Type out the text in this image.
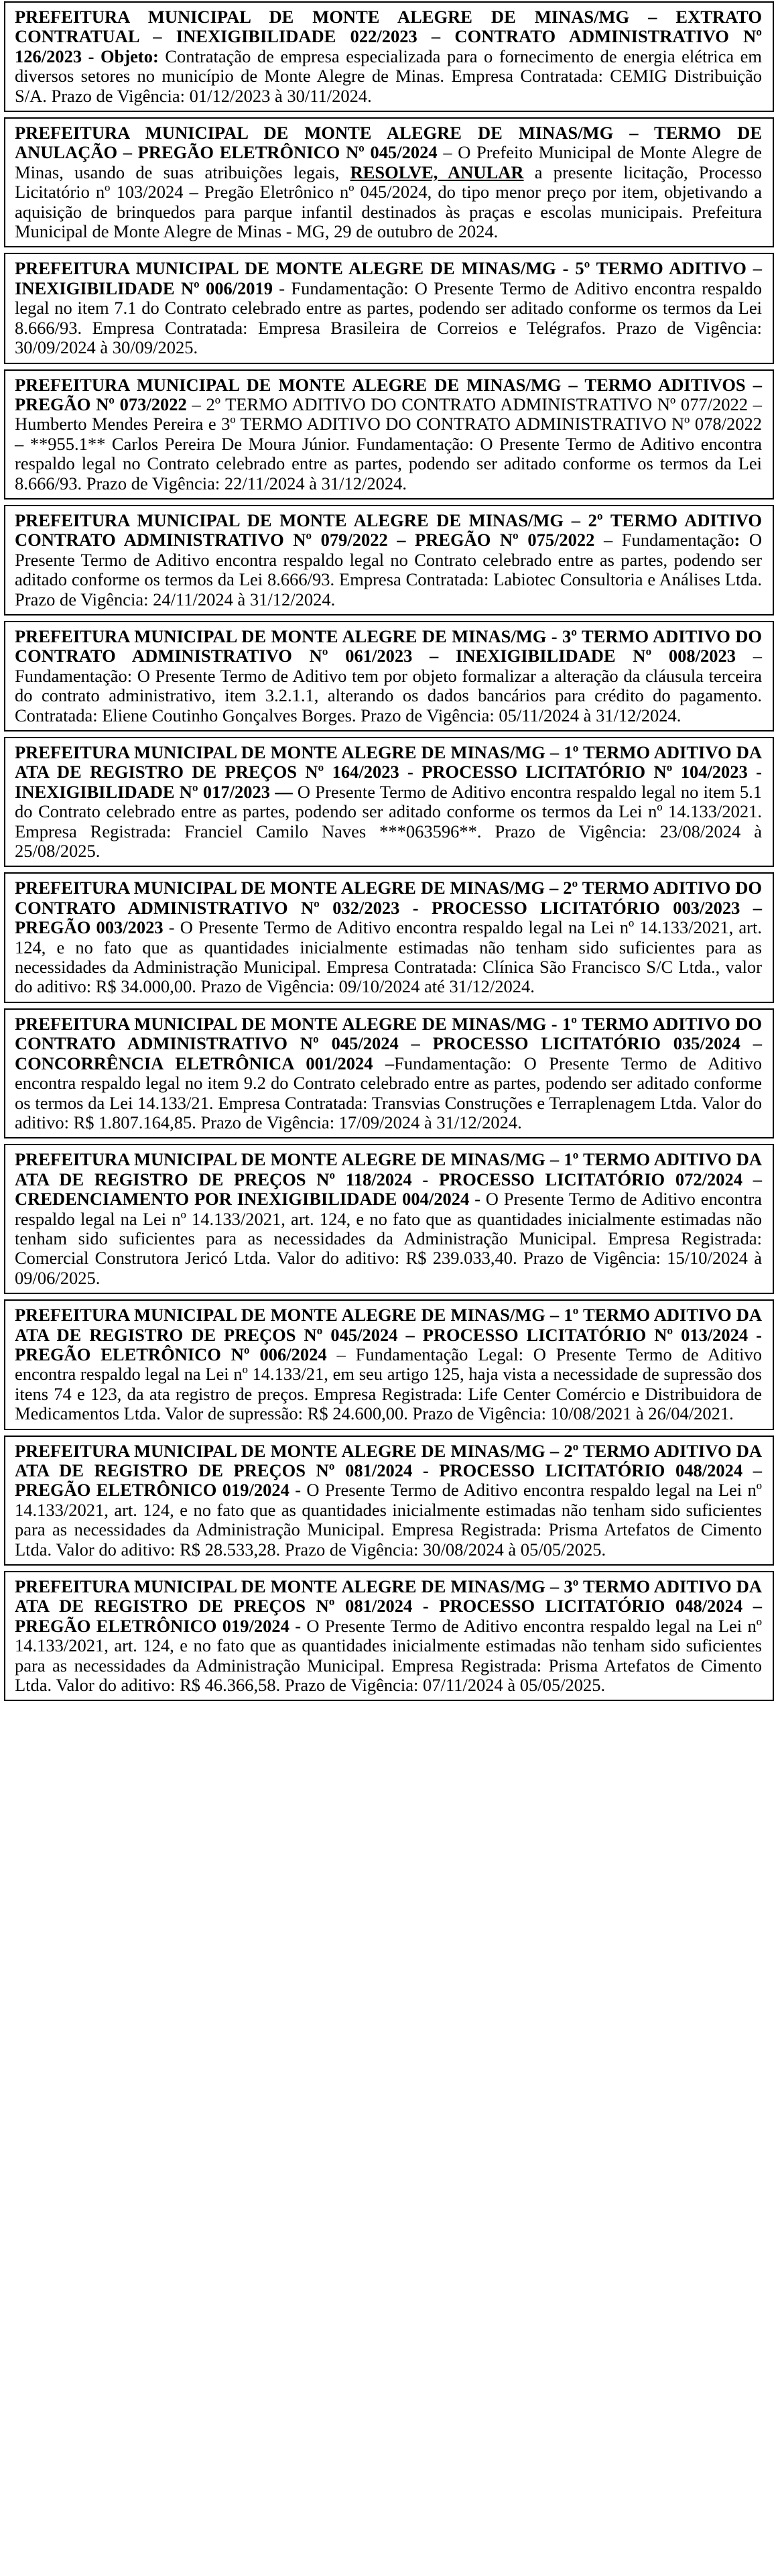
PREFEITURA MUNICIPAL DE MONTE ALEGRE DE MINAS/MG – EXTRATO CONTRATUAL – INEXIGIBILIDADE 022/2023 – CONTRATO ADMINISTRATIVO Nº 126/2023 - Objeto: Contratação de empresa especializada para o fornecimento de energia elétrica em diversos setores no município de Monte Alegre de Minas. Empresa Contratada: CEMIG Distribuição S/A. Prazo de Vigência: 01/12/2023 à 30/11/2024.
PREFEITURA MUNICIPAL DE MONTE ALEGRE DE MINAS/MG – TERMO DE ANULAÇÃO – PREGÃO ELETRÔNICO Nº 045/2024 – O Prefeito Municipal de Monte Alegre de Minas, usando de suas atribuições legais, RESOLVE, ANULAR a presente licitação, Processo Licitatório nº 103/2024 – Pregão Eletrônico nº 045/2024, do tipo menor preço por item, objetivando a aquisição de brinquedos para parque infantil destinados às praças e escolas municipais. Prefeitura Municipal de Monte Alegre de Minas - MG, 29 de outubro de 2024.
PREFEITURA MUNICIPAL DE MONTE ALEGRE DE MINAS/MG - 5º TERMO ADITIVO – INEXIGIBILIDADE Nº 006/2019 - Fundamentação: O Presente Termo de Aditivo encontra respaldo legal no item 7.1 do Contrato celebrado entre as partes, podendo ser aditado conforme os termos da Lei 8.666/93. Empresa Contratada: Empresa Brasileira de Correios e Telégrafos. Prazo de Vigência: 30/09/2024 à 30/09/2025.
PREFEITURA MUNICIPAL DE MONTE ALEGRE DE MINAS/MG – TERMO ADITIVOS – PREGÃO Nº 073/2022 – 2º TERMO ADITIVO DO CONTRATO ADMINISTRATIVO Nº 077/2022 – Humberto Mendes Pereira e 3º TERMO ADITIVO DO CONTRATO ADMINISTRATIVO Nº 078/2022 – **955.1** Carlos Pereira De Moura Júnior. Fundamentação: O Presente Termo de Aditivo encontra respaldo legal no Contrato celebrado entre as partes, podendo ser aditado conforme os termos da Lei 8.666/93. Prazo de Vigência: 22/11/2024 à 31/12/2024.
PREFEITURA MUNICIPAL DE MONTE ALEGRE DE MINAS/MG – 2º TERMO ADITIVO CONTRATO ADMINISTRATIVO Nº 079/2022 – PREGÃO Nº 075/2022 – Fundamentação: O Presente Termo de Aditivo encontra respaldo legal no Contrato celebrado entre as partes, podendo ser aditado conforme os termos da Lei 8.666/93. Empresa Contratada: Labiotec Consultoria e Análises Ltda. Prazo de Vigência: 24/11/2024 à 31/12/2024.
PREFEITURA MUNICIPAL DE MONTE ALEGRE DE MINAS/MG - 3º TERMO ADITIVO DO CONTRATO ADMINISTRATIVO Nº 061/2023 – INEXIGIBILIDADE Nº 008/2023 – Fundamentação: O Presente Termo de Aditivo tem por objeto formalizar a alteração da cláusula terceira do contrato administrativo, item 3.2.1.1, alterando os dados bancários para crédito do pagamento. Contratada: Eliene Coutinho Gonçalves Borges. Prazo de Vigência: 05/11/2024 à 31/12/2024.
PREFEITURA MUNICIPAL DE MONTE ALEGRE DE MINAS/MG – 1º TERMO ADITIVO DA ATA DE REGISTRO DE PREÇOS Nº 164/2023 - PROCESSO LICITATÓRIO Nº 104/2023 - INEXIGIBILIDADE Nº 017/2023 — O Presente Termo de Aditivo encontra respaldo legal no item 5.1 do Contrato celebrado entre as partes, podendo ser aditado conforme os termos da Lei nº 14.133/2021. Empresa Registrada: Franciel Camilo Naves ***063596**. Prazo de Vigência: 23/08/2024 à 25/08/2025.
PREFEITURA MUNICIPAL DE MONTE ALEGRE DE MINAS/MG – 2º TERMO ADITIVO DO CONTRATO ADMINISTRATIVO Nº 032/2023 - PROCESSO LICITATÓRIO 003/2023 – PREGÃO 003/2023 - O Presente Termo de Aditivo encontra respaldo legal na Lei nº 14.133/2021, art. 124, e no fato que as quantidades inicialmente estimadas não tenham sido suficientes para as necessidades da Administração Municipal. Empresa Contratada: Clínica São Francisco S/C Ltda., valor do aditivo: R$ 34.000,00. Prazo de Vigência: 09/10/2024 até 31/12/2024.
PREFEITURA MUNICIPAL DE MONTE ALEGRE DE MINAS/MG - 1º TERMO ADITIVO DO CONTRATO ADMINISTRATIVO Nº 045/2024 – PROCESSO LICITATÓRIO 035/2024 – CONCORRÊNCIA ELETRÔNICA 001/2024 –Fundamentação: O Presente Termo de Aditivo encontra respaldo legal no item 9.2 do Contrato celebrado entre as partes, podendo ser aditado conforme os termos da Lei 14.133/21. Empresa Contratada: Transvias Construções e Terraplenagem Ltda. Valor do aditivo: R$ 1.807.164,85. Prazo de Vigência: 17/09/2024 à 31/12/2024.
PREFEITURA MUNICIPAL DE MONTE ALEGRE DE MINAS/MG – 1º TERMO ADITIVO DA ATA DE REGISTRO DE PREÇOS Nº 118/2024 - PROCESSO LICITATÓRIO 072/2024 – CREDENCIAMENTO POR INEXIGIBILIDADE 004/2024 - O Presente Termo de Aditivo encontra respaldo legal na Lei nº 14.133/2021, art. 124, e no fato que as quantidades inicialmente estimadas não tenham sido suficientes para as necessidades da Administração Municipal. Empresa Registrada: Comercial Construtora Jericó Ltda. Valor do aditivo: R$ 239.033,40. Prazo de Vigência: 15/10/2024 à 09/06/2025.
PREFEITURA MUNICIPAL DE MONTE ALEGRE DE MINAS/MG – 1º TERMO ADITIVO DA ATA DE REGISTRO DE PREÇOS Nº 045/2024 – PROCESSO LICITATÓRIO Nº 013/2024 - PREGÃO ELETRÔNICO Nº 006/2024 – Fundamentação Legal: O Presente Termo de Aditivo encontra respaldo legal na Lei nº 14.133/21, em seu artigo 125, haja vista a necessidade de supressão dos itens 74 e 123, da ata registro de preços. Empresa Registrada: Life Center Comércio e Distribuidora de Medicamentos Ltda. Valor de supressão: R$ 24.600,00. Prazo de Vigência: 10/08/2021 à 26/04/2021.
PREFEITURA MUNICIPAL DE MONTE ALEGRE DE MINAS/MG – 2º TERMO ADITIVO DA ATA DE REGISTRO DE PREÇOS Nº 081/2024 - PROCESSO LICITATÓRIO 048/2024 – PREGÃO ELETRÔNICO 019/2024 - O Presente Termo de Aditivo encontra respaldo legal na Lei nº 14.133/2021, art. 124, e no fato que as quantidades inicialmente estimadas não tenham sido suficientes para as necessidades da Administração Municipal. Empresa Registrada: Prisma Artefatos de Cimento Ltda. Valor do aditivo: R$ 28.533,28. Prazo de Vigência: 30/08/2024 à 05/05/2025.
PREFEITURA MUNICIPAL DE MONTE ALEGRE DE MINAS/MG – 3º TERMO ADITIVO DA ATA DE REGISTRO DE PREÇOS Nº 081/2024 - PROCESSO LICITATÓRIO 048/2024 – PREGÃO ELETRÔNICO 019/2024 - O Presente Termo de Aditivo encontra respaldo legal na Lei nº 14.133/2021, art. 124, e no fato que as quantidades inicialmente estimadas não tenham sido suficientes para as necessidades da Administração Municipal. Empresa Registrada: Prisma Artefatos de Cimento Ltda. Valor do aditivo: R$ 46.366,58. Prazo de Vigência: 07/11/2024 à 05/05/2025.
